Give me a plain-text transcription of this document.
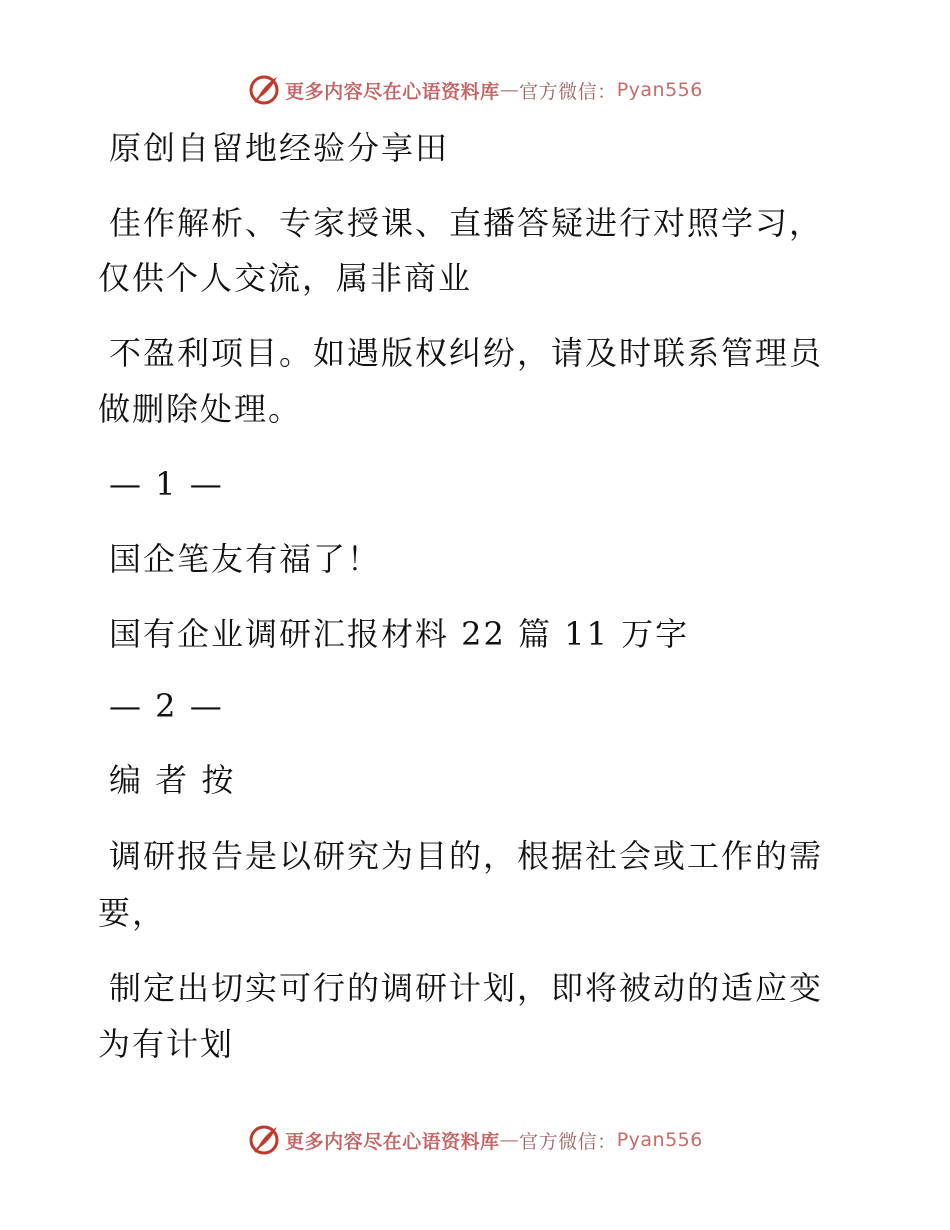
更多内容尽在心语资料库 — 官方微信： Pyan556
原创自留地经验分享田
佳作解析、专家授课、直播答疑进行对照学习，
仅供个人交流，属非商业
不盈利项目。如遇版权纠纷，请及时联系管理员
做删除处理。
— 1 —
国企笔友有福了！
国有企业调研汇报材料 22 篇 11 万字
— 2 —
编 者 按
调研报告是以研究为目的，根据社会或工作的需
要，
制定出切实可行的调研计划，即将被动的适应变
为有计划
更多内容尽在心语资料库 — 官方微信： Pyan556
